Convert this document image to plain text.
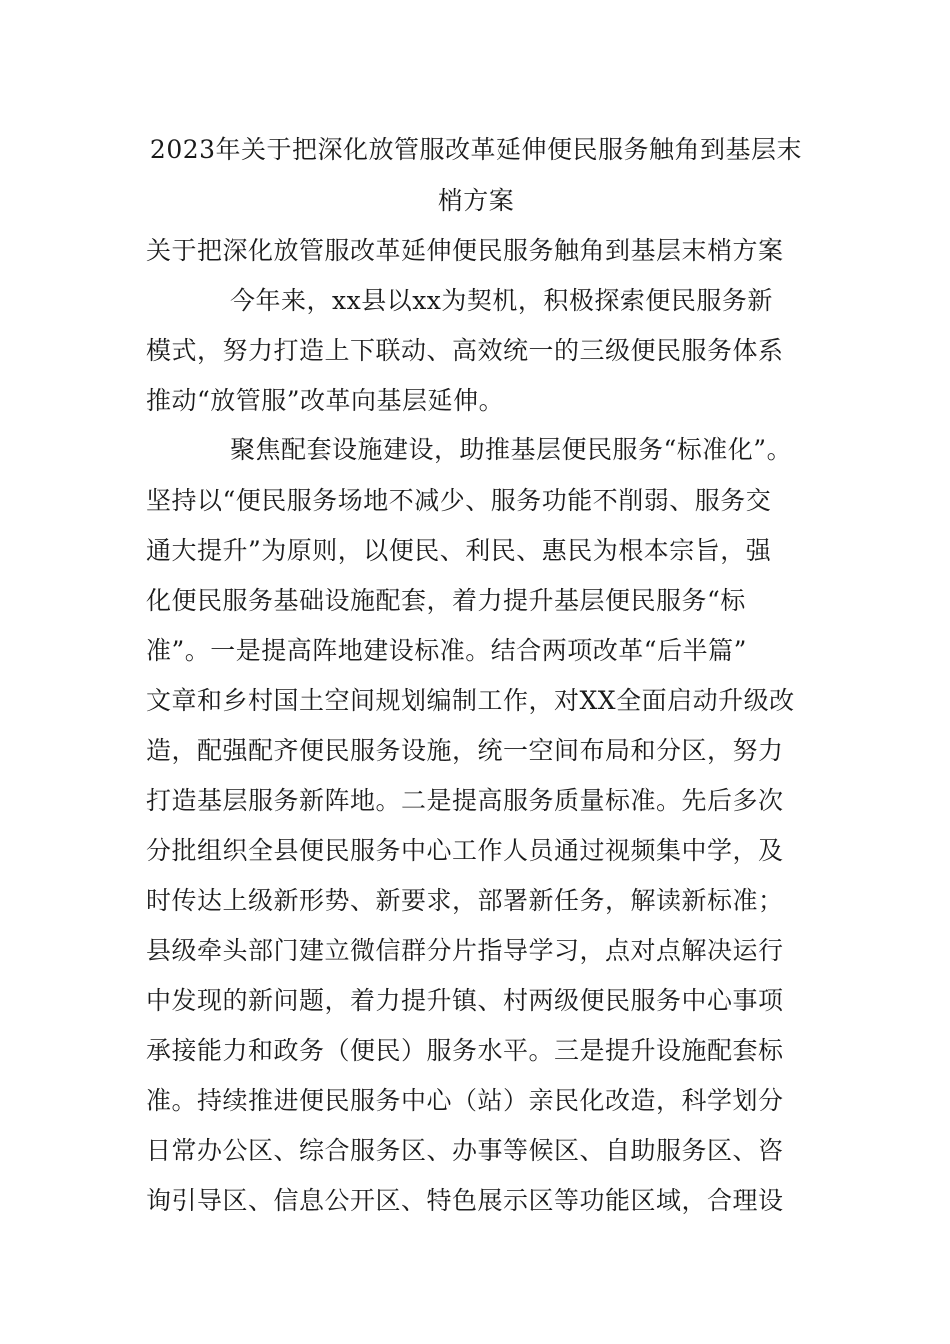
2023年关于把深化放管服改革延伸便民服务触角到基层末
梢方案
关于把深化放管服改革延伸便民服务触角到基层末梢方案
今年来，xx县以xx为契机，积极探索便民服务新
模式，努力打造上下联动、高效统一的三级便民服务体系
推动“放管服”改革向基层延伸。
聚焦配套设施建设，助推基层便民服务“标准化”。
坚持以“便民服务场地不减少、服务功能不削弱、服务交
通大提升”为原则，以便民、利民、惠民为根本宗旨，强
化便民服务基础设施配套，着力提升基层便民服务“标
准”。一是提高阵地建设标准。结合两项改革“后半篇”
文章和乡村国土空间规划编制工作，对XX全面启动升级改
造，配强配齐便民服务设施，统一空间布局和分区，努力
打造基层服务新阵地。二是提高服务质量标准。先后多次
分批组织全县便民服务中心工作人员通过视频集中学，及
时传达上级新形势、新要求，部署新任务，解读新标准；
县级牵头部门建立微信群分片指导学习，点对点解决运行
中发现的新问题，着力提升镇、村两级便民服务中心事项
承接能力和政务（便民）服务水平。三是提升设施配套标
准。持续推进便民服务中心（站）亲民化改造，科学划分
日常办公区、综合服务区、办事等候区、自助服务区、咨
询引导区、信息公开区、特色展示区等功能区域，合理设
